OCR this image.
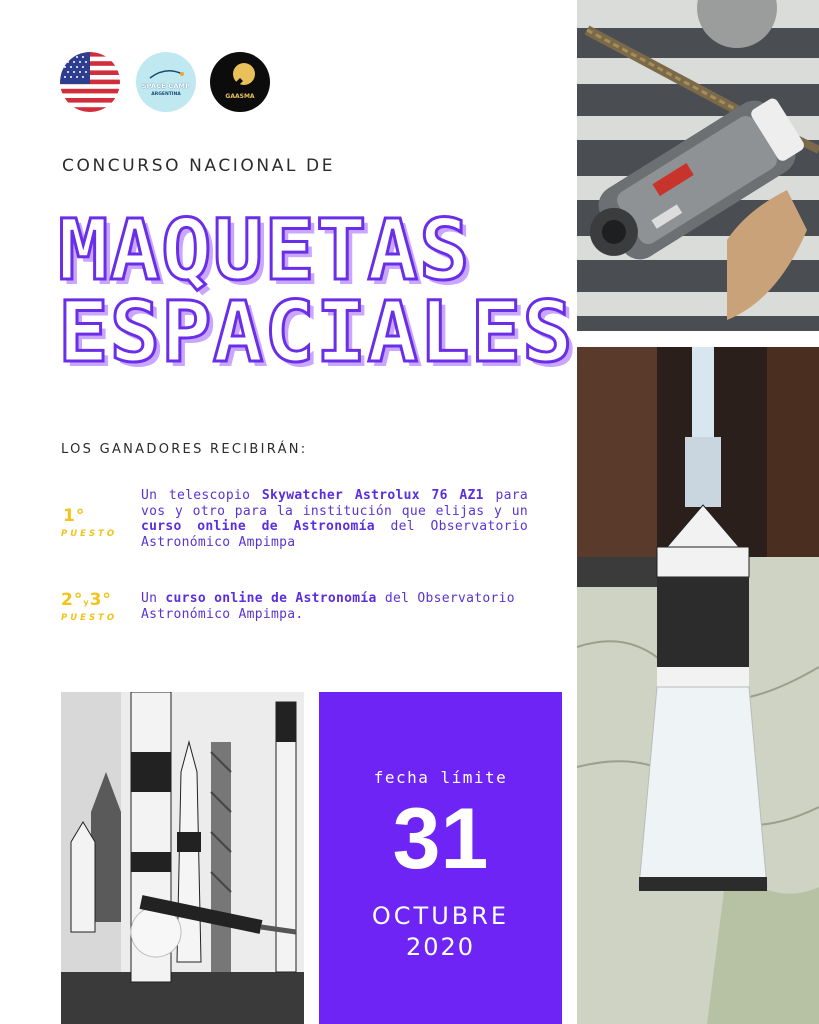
SPACE CAMP
ARGENTINA	GAASMA
CONCURSO NACIONAL DE
MAQUETAS
ESPACIALES
LOS GANADORES RECIBIRÁN:
1°
PUESTO
Un telescopio Skywatcher Astrolux 76 AZ1 para vos y otro para la institución que elijas y un curso online de Astronomía del Observatorio Astronómico Ampimpa
2°y3°
PUESTO
Un curso online de Astronomía del Observatorio Astronómico Ampimpa.
fecha límite
31
OCTUBRE
2020
